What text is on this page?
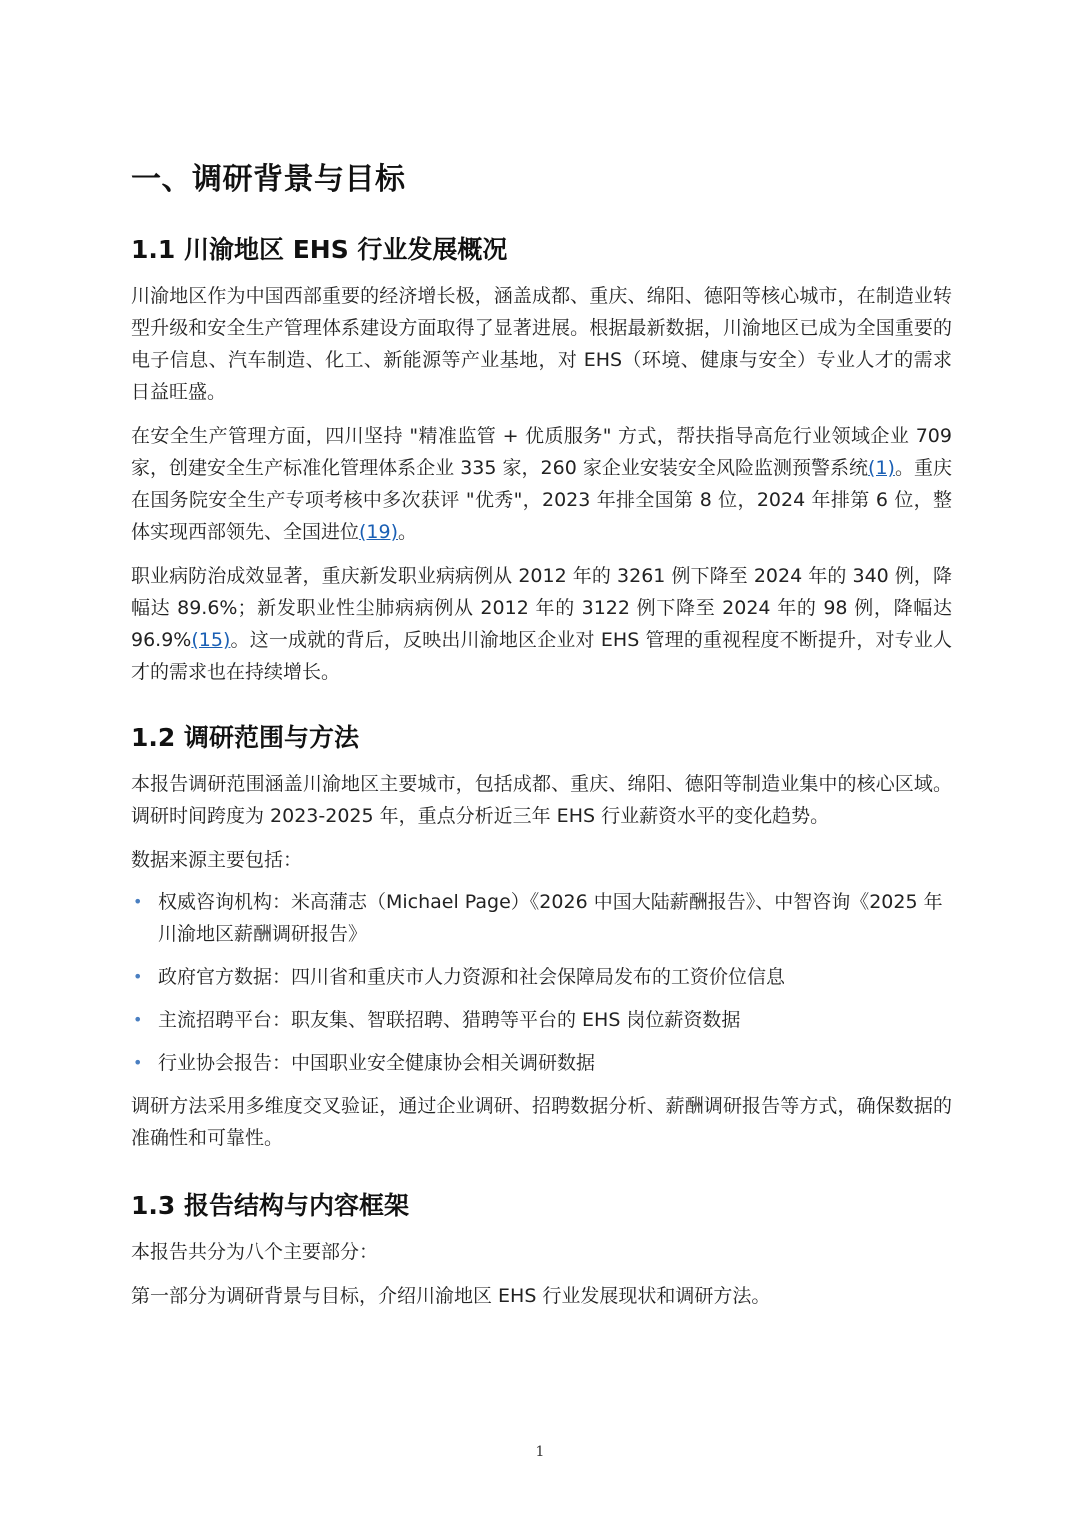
一、调研背景与目标
1.1 川渝地区 EHS 行业发展概况

川渝地区作为中国西部重要的经济增长极，涵盖成都、重庆、绵阳、德阳等核心城市，在制造业转型升级和安全生产管理体系建设方面取得了显著进展。根据最新数据，川渝地区已成为全国重要的电子信息、汽车制造、化工、新能源等产业基地，对 EHS（环境、健康与安全）专业人才的需求日益旺盛。

在安全生产管理方面，四川坚持 "精准监管 + 优质服务" 方式，帮扶指导高危行业领域企业 709 家，创建安全生产标准化管理体系企业 335 家，260 家企业安装安全风险监测预警系统(1)。重庆在国务院安全生产专项考核中多次获评 "优秀"，2023 年排全国第 8 位，2024 年排第 6 位，整体实现西部领先、全国进位(19)。

职业病防治成效显著，重庆新发职业病病例从 2012 年的 3261 例下降至 2024 年的 340 例，降幅达 89.6%；新发职业性尘肺病病例从 2012 年的 3122 例下降至 2024 年的 98 例，降幅达 96.9%(15)。这一成就的背后，反映出川渝地区企业对 EHS 管理的重视程度不断提升，对专业人才的需求也在持续增长。

1.2 调研范围与方法

本报告调研范围涵盖川渝地区主要城市，包括成都、重庆、绵阳、德阳等制造业集中的核心区域。调研时间跨度为 2023-2025 年，重点分析近三年 EHS 行业薪资水平的变化趋势。

数据来源主要包括：

• 权威咨询机构：米高蒲志（Michael Page）《2026 中国大陆薪酬报告》、中智咨询《2025 年川渝地区薪酬调研报告》
• 政府官方数据：四川省和重庆市人力资源和社会保障局发布的工资价位信息
• 主流招聘平台：职友集、智联招聘、猎聘等平台的 EHS 岗位薪资数据
• 行业协会报告：中国职业安全健康协会相关调研数据

调研方法采用多维度交叉验证，通过企业调研、招聘数据分析、薪酬调研报告等方式，确保数据的准确性和可靠性。

1.3 报告结构与内容框架

本报告共分为八个主要部分：

第一部分为调研背景与目标，介绍川渝地区 EHS 行业发展现状和调研方法。

1
